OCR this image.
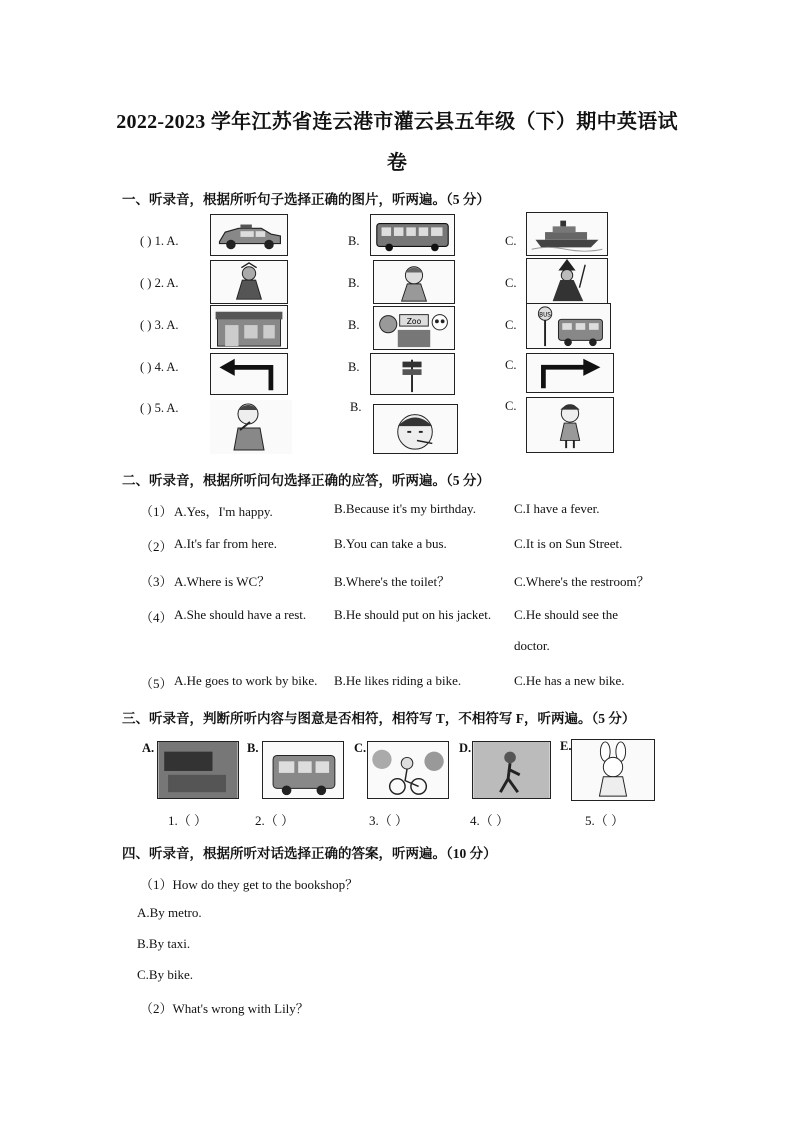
2022-2023 学年江苏省连云港市灌云县五年级（下）期中英语试
卷
一、听录音，根据所听句子选择正确的图片，听两遍。（5 分）
( ) 1. A.	B.	C.
( ) 2. A.	B.	C.
( ) 3. A.	B.	Zoo	C.
BUS
( ) 4. A.	B.	C.
( ) 5. A.	B.	C.
二、听录音，根据所听问句选择正确的应答，听两遍。（5 分）
（1） A.Yes，I'm happy.	B.Because it's my birthday.	C.I have a fever.
（2） A.It's far from here.	B.You can take a bus.	C.It is on Sun Street.
（3） A.Where is WC？	B.Where's the toilet？	C.Where's the restroom？
（4） A.She should have a rest. B.He should put on his jacket. C.He should see the
doctor.
（5） A.He goes to work by bike. B.He likes riding a bike.	C.He has a new bike.
三、听录音，判断所听内容与图意是否相符，相符写 T，不相符写 F，听两遍。（5 分）
A.	B.	C.	D.	E.
1.（ ）	2.（ ）	3.（ ）	4.（ ）	5.（ ）
四、听录音，根据所听对话选择正确的答案，听两遍。（10 分）
（1）How do they get to the bookshop？
A.By metro.
B.By taxi.
C.By bike.
（2）What's wrong with Lily？
